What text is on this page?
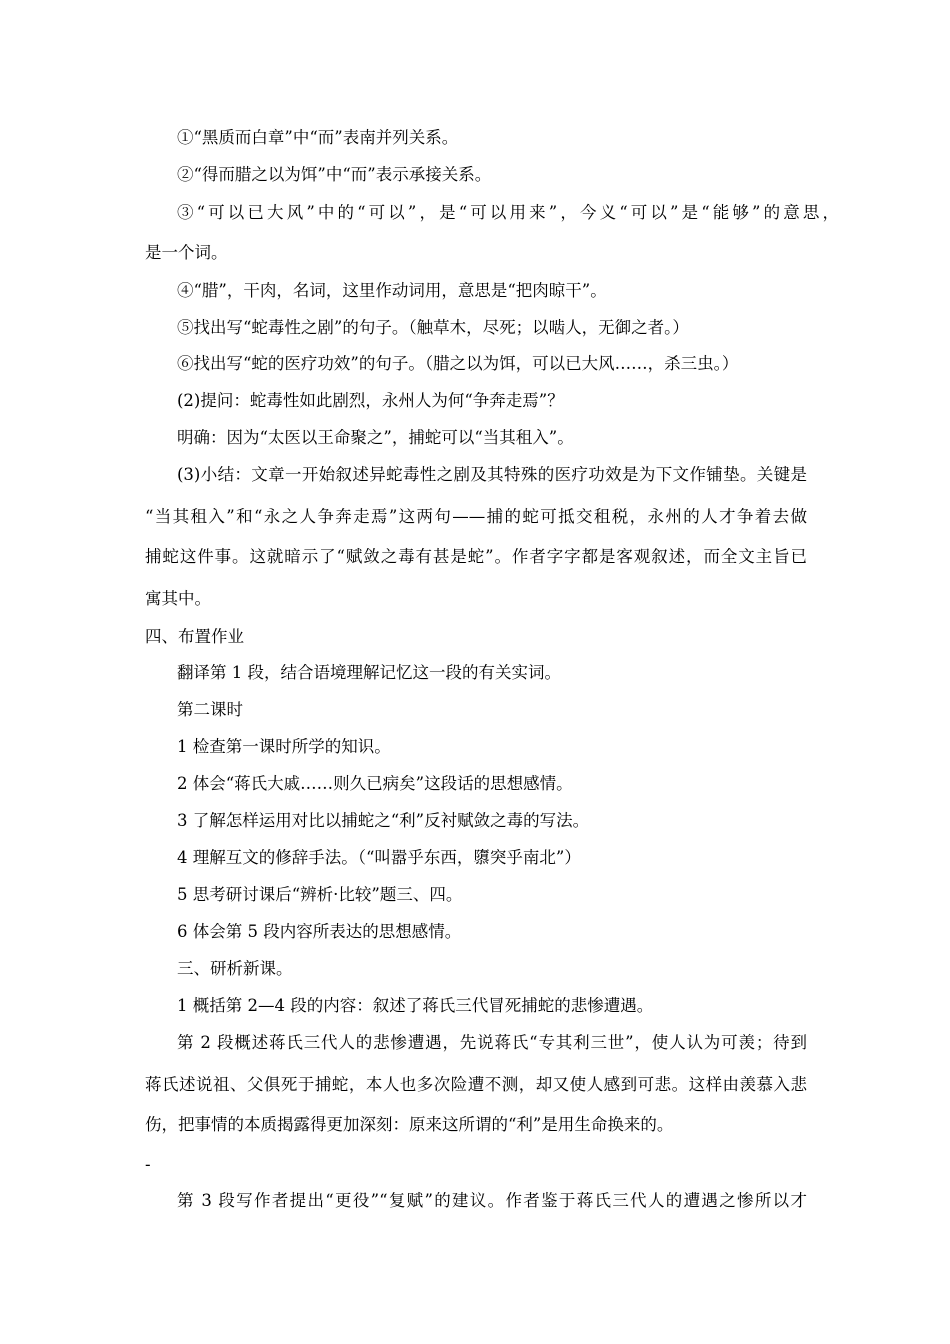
①“黑质而白章”中“而”表南并列关系。
②“得而腊之以为饵”中“而”表示承接关系。
③“可以已大风”中的“可以”，是“可以用来”，今义“可以”是“能够”的意思，
是一个词。
④“腊”，干肉，名词，这里作动词用，意思是“把肉晾干”。
⑤找出写“蛇毒性之剧”的句子。（触草木，尽死；以啮人，无御之者。）
⑥找出写“蛇的医疗功效”的句子。（腊之以为饵，可以已大风……，杀三虫。）
(2)提问：蛇毒性如此剧烈，永州人为何“争奔走焉”？
明确：因为“太医以王命聚之”，捕蛇可以“当其租入”。
(3)小结：文章一开始叙述异蛇毒性之剧及其特殊的医疗功效是为下文作铺垫。关键是
“当其租入”和“永之人争奔走焉”这两句——捕的蛇可抵交租税，永州的人才争着去做
捕蛇这件事。这就暗示了“赋敛之毒有甚是蛇”。作者字字都是客观叙述，而全文主旨已
寓其中。
四、布置作业
翻译第 1 段，结合语境理解记忆这一段的有关实词。
第二课时
1 检查第一课时所学的知识。
2 体会“蒋氏大戚……则久已病矣”这段话的思想感情。
3 了解怎样运用对比以捕蛇之“利”反衬赋敛之毒的写法。
4 理解互文的修辞手法。（“叫嚣乎东西，隳突乎南北”）
5 思考研讨课后“辨析·比较”题三、四。
6 体会第 5 段内容所表达的思想感情。
三、研析新课。
1 概括第 2—4 段的内容：叙述了蒋氏三代冒死捕蛇的悲惨遭遇。
第 2 段概述蒋氏三代人的悲惨遭遇，先说蒋氏“专其利三世”，使人认为可羡；待到
蒋氏述说祖、父俱死于捕蛇，本人也多次险遭不测，却又使人感到可悲。这样由羡慕入悲
伤，把事情的本质揭露得更加深刻：原来这所谓的“利”是用生命换来的。
-
第 3 段写作者提出“更役”“复赋”的建议。作者鉴于蒋氏三代人的遭遇之惨所以才
